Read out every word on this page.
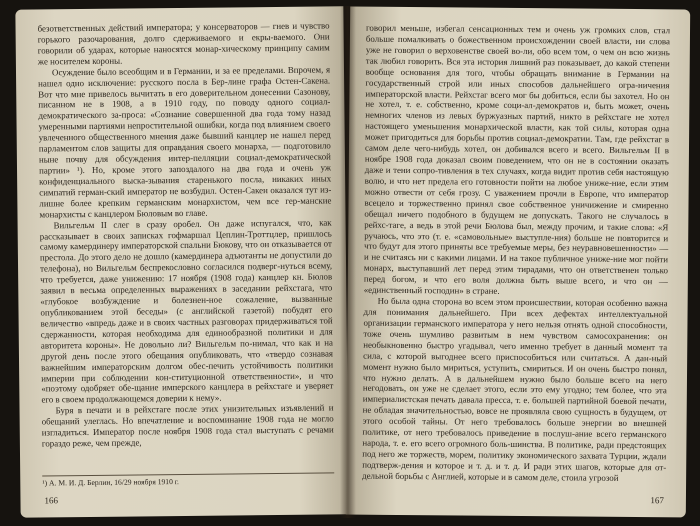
безответственных действий императора; у консерваторов — гнев и чувство горького разочарования, долго сдерживаемого и екры-ваемого. Они говорили об ударах, которые наносятся монар-хическому принципу самим же носителем короны.

Осуждение было всеобщим и в Германии, и за ее пределами. Впрочем, я нашел одно исключение: русского посла в Бер-лине графа Остен-Сакена. Вот что мне привелось вычитать в его доверительном донесении Сазонову, писанном не в 1908, а в 1910 году, по поводу одного социал-демократического за-проса: «Сознание совершенной два года тому назад умеренными партиями непростительной ошибки, когда под влиянием своего увлеченного общественного мнения даже бывший канцлер не нашел перед парламентом слов защиты для оправдания своего монарха, — подготовило ныне почву для обсуждения интер-пелляции социал-демократической партии» ¹). Но, кроме этого запоздалого на два года и очень уж конфиденциального выска-зывания старенького посла, никаких иных симпатий герман-ский император не возбудил. Остен-Сакен оказался тут из-лишне более крепким германским монархистом, чем все гер-манские монархисты с канцлером Бюловым во главе.

Вильгельм II слег в сразу оробел. Он даже испугался, что, как рассказывает в своих записках гофмаршал Цеплин-Троттцлер, пришлось самому камердинеру императорской спальни Бюкову, что он отказывается от престола. До этого дело не дошло (камердинера адъютанты не допустили до телефона), но Вильгельм беспрекословно согласился подверг-нуться всему, что требуется, даже унижению: 17 ноября (1908 года) канцлер кн. Бюлов заявил в весьма определенных выражениях в заседании рейхстага, что «глубокое возбуждение и болезнен-ное сожаление, вызванные опубликованием этой беседы» (с английской газетой) побудят его величество «впредь даже и в своих частных разговорах придерживаться той сдержанности, которая необходима для единообразной политики и для авторитета короны». Не довольно ли? Вильгельм по-нимал, что как и на другой день после этого обещания опубликовать, что «твердо сознавая важнейшим императорским долгом обес-печить устойчивость политики империи при соблюдении кон-ституционной ответственности», и что «поэтому одобряет обе-щание имперского канцлера в рейхстаге и уверяет его в своем продолжающемся доверии к нему».

Буря в печати и в рейхстаге после этих унизительных изъявлений и обещаний улеглась. Но впечатление и воспоминание 1908 года не могло изгладиться. Император после ноября 1908 года стал выступать с речами гораздо реже, чем прежде,

¹) А. М. И. Д. Берлин, 16/29 ноября 1910 г.
166

говорил меньше, избегал сенсационных тем и очень уж громких слов, стал больше помалкивать о божественном происхождении своей власти, ни слова уже не говорил о верховенстве своей во-ли, обо всем том, о чем он всю жизнь так любил говорить. Вся эта история лишний раз показывает, до какой степени вообще основания для того, чтобы обращать внимание в Германии на государственный строй или иных способов дальнейшего огра-ничения императорской власти. Рейхстаг всего мог бы добиться, если бы захотел. Но он не хотел, т. е. собственно, кроме соци-ал-демократов и, быть может, очень немногих членов из левых буржуазных партий, никто в рейхстаге не хотел настоящего уменьшения монархической власти, как той силы, которая одна может пригодиться для борьбы против социал-демократии. Там, где рейхстаг в самом деле чего-нибудь хотел, он добивался всего и всего. Вильгельм II в ноябре 1908 года доказал своим поведением, что он не в состоянии оказать даже и тени сопро-тивления в тех случаях, когда видит против себя настоящую волю, и что нет предела его готовности пойти на любое униже-ние, если этим можно отвести от себя грозу. С уважением прочли в Европе, что император всецело и торжественно принял свое собственное уничижение и смиренно обещал ничего подобного в будущем не допускать. Такого не случалось в рейхс-таге, а ведь в этой речи Бюлова был, между прочим, и такие слова: «Я ручаюсь, что это (т. е. «самовольные» выступле-ния) больше не повторится и что будут для этого приняты все требуемые меры, без неуравновешенности» — и не считаясь ни с какими лицами. И на такое публичное униже-ние мог пойти монарх, выступавший лет перед этим тирадами, что он ответственен только перед богом, и что его воля должна быть выше всего, и что он — «единственный господин» в стране.

Но была одна сторона во всем этом происшествии, которая особенно важна для понимания дальнейшего. При всех дефектах интеллектуальной организации германского императора у него нельзя отнять одной способности, тоже очень шумливо развитым в нем чувством самосохранения: он необыкновенно быстро угадывал, чего именно требует в данный момент та сила, с которой выгоднее всего приспособиться или считаться. А дан-ный момент нужно было мириться, уступить, смириться. И он очень быстро понял, что нужно делать. А в дальнейшем нужно было больше всего на него негодовать, он уже не сделает этого, если это ему угодно; тем более, что эта империалистская печать давала пресса, т. е. большей партийной боевой печати, не обладая значительностью, вовсе не проявляла свою сущность в будущем, от этого особой тайны. От него требовалось больше энергии во внешней политике, от него требовалось приведение в послуш-ание всего германского народа, т. е. его всего огромного боль-шинства. В политике, ради предстоящих под него же торжеств, морем, политику экономического захвата Турции, ждали подтверж-дения и которое и т. д. и т. д. И ради этих шагов, которые для от-дельной борьбы с Англией, которые и в самом деле, стоила угрозой

167
